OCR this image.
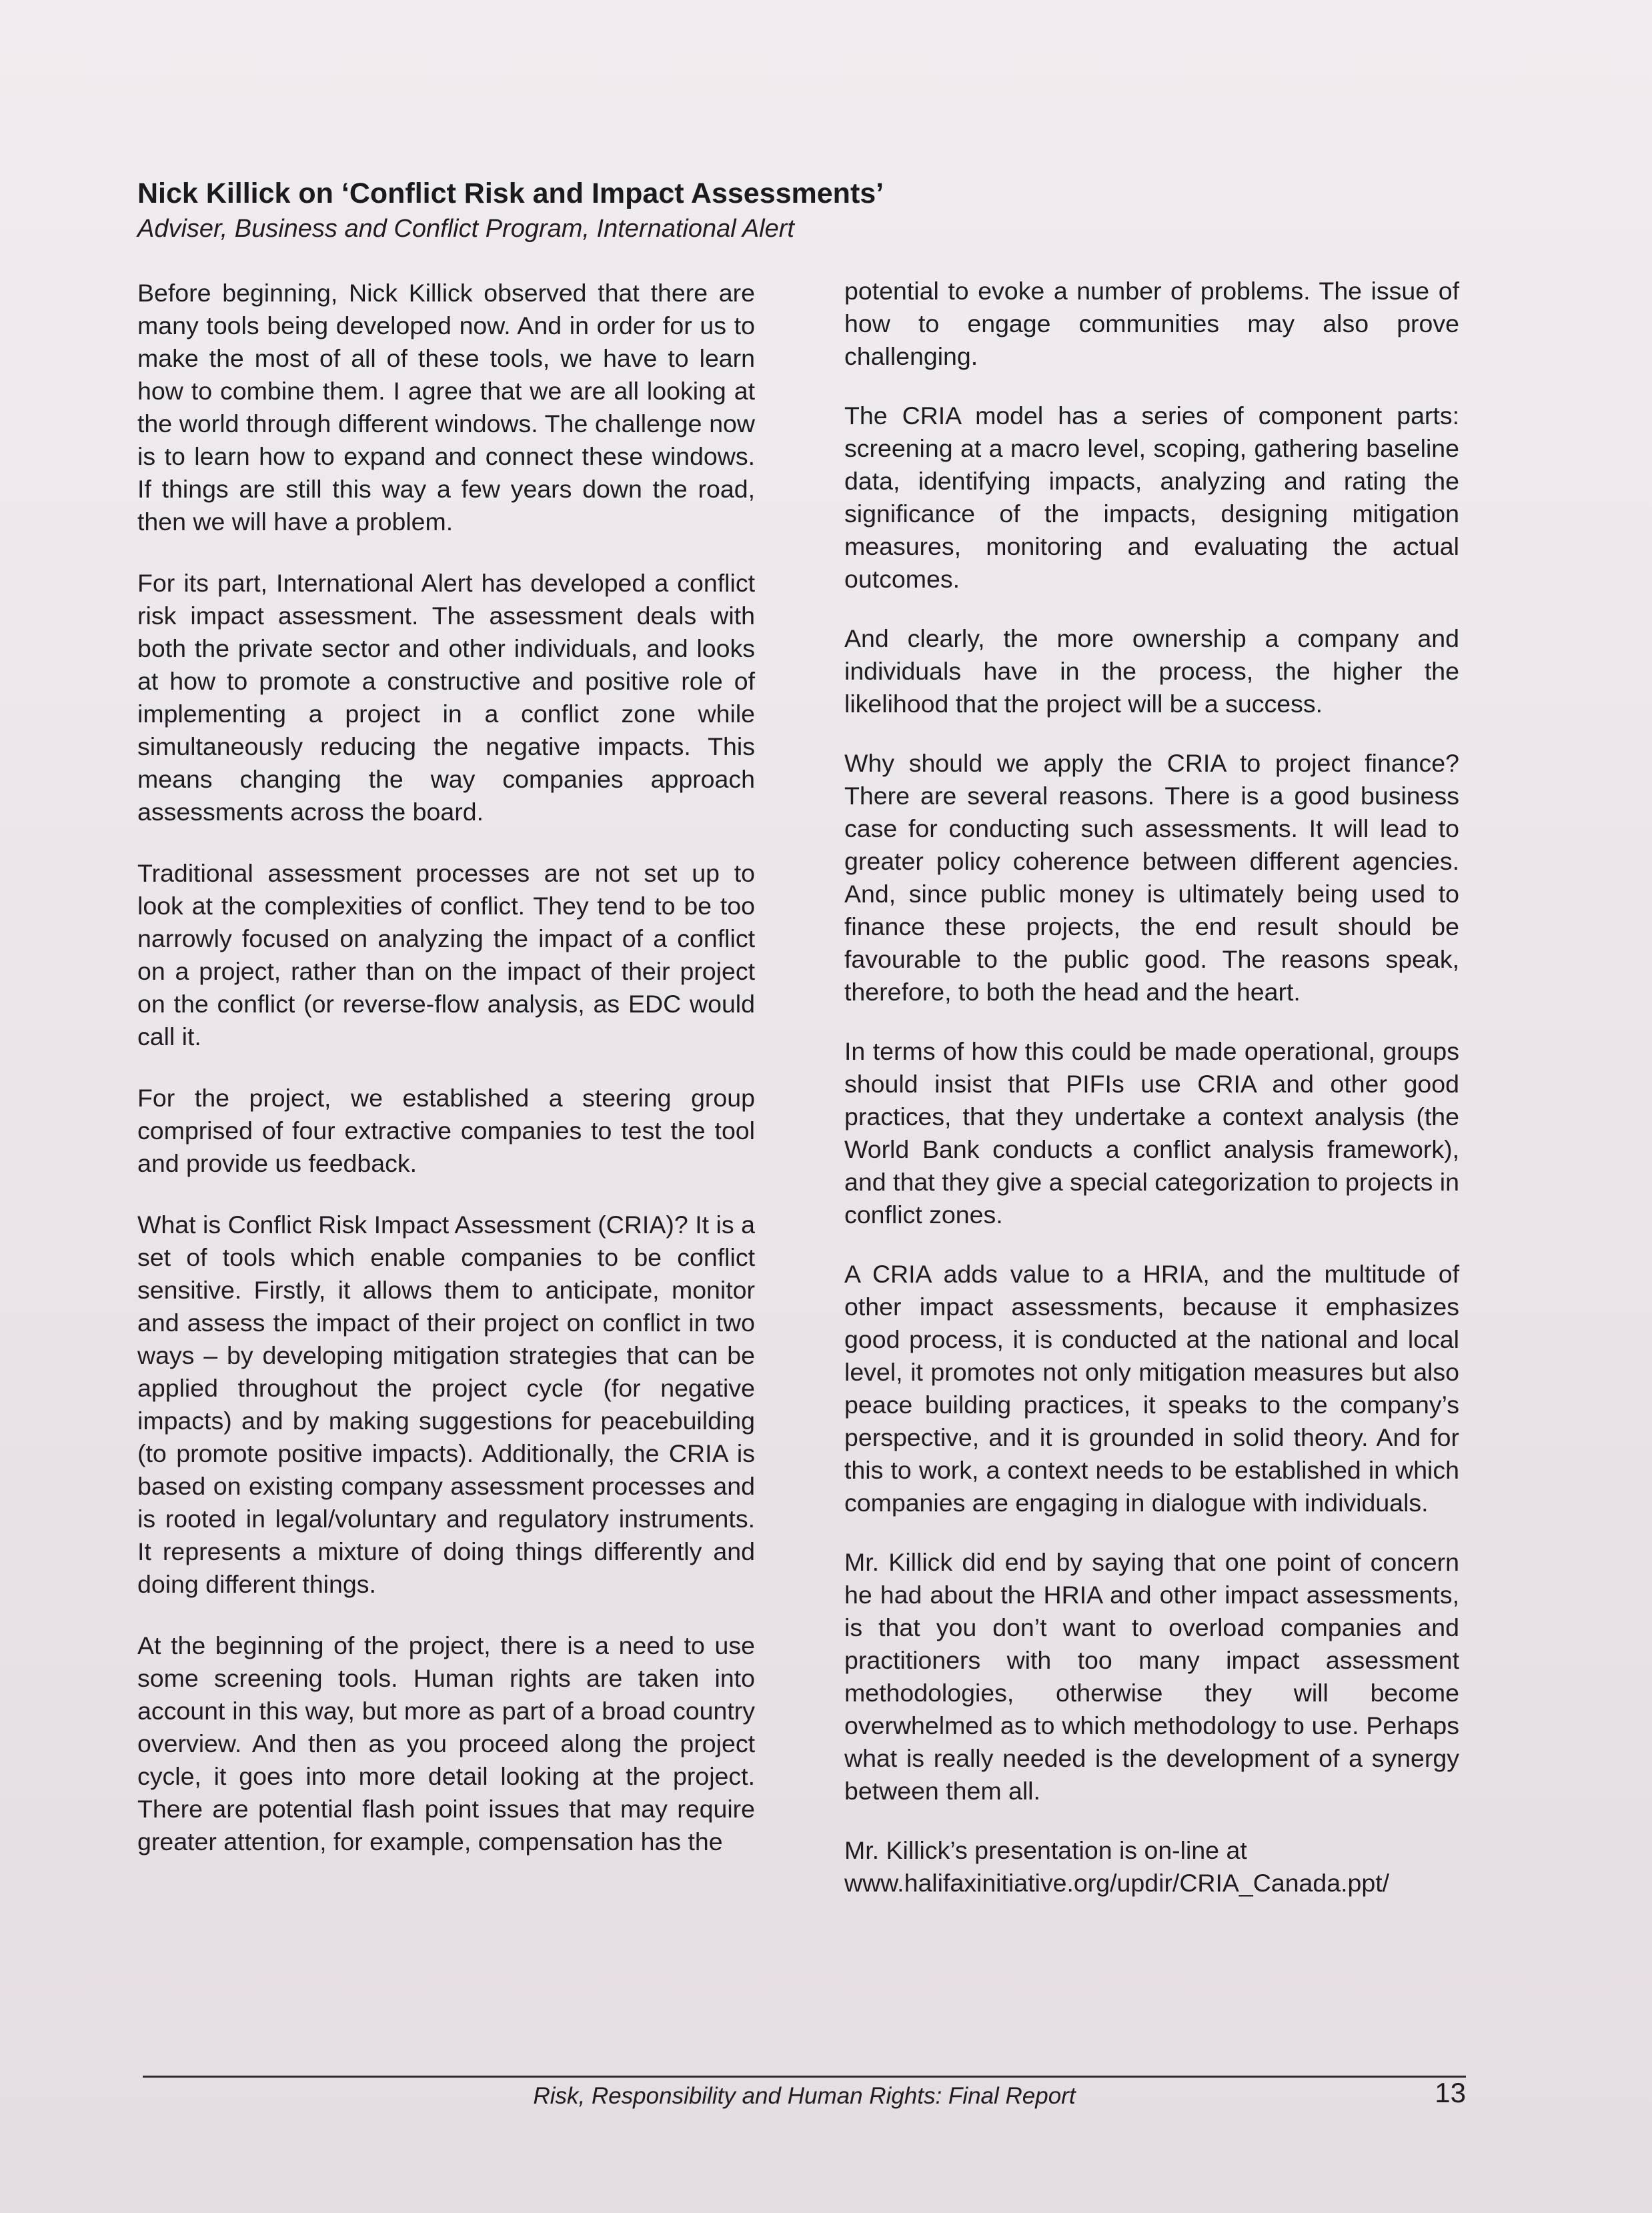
Nick Killick on ‘Conflict Risk and Impact Assessments’

Adviser, Business and Conflict Program, International Alert

Before beginning, Nick Killick observed that there are many tools being developed now. And in order for us to make the most of all of these tools, we have to learn how to combine them. I agree that we are all looking at the world through different windows. The challenge now is to learn how to expand and connect these windows. If things are still this way a few years down the road, then we will have a problem.

For its part, International Alert has developed a conflict risk impact assessment. The assessment deals with both the private sector and other individuals, and looks at how to promote a constructive and positive role of implementing a project in a conflict zone while simultaneously reducing the negative impacts. This means changing the way companies approach assessments across the board.

Traditional assessment processes are not set up to look at the complexities of conflict. They tend to be too narrowly focused on analyzing the impact of a conflict on a project, rather than on the impact of their project on the conflict (or reverse-flow analysis, as EDC would call it.

For the project, we established a steering group comprised of four extractive companies to test the tool and provide us feedback.

What is Conflict Risk Impact Assessment (CRIA)? It is a set of tools which enable companies to be conflict sensitive. Firstly, it allows them to anticipate, monitor and assess the impact of their project on conflict in two ways – by developing mitigation strategies that can be applied throughout the project cycle (for negative impacts) and by making suggestions for peacebuilding (to promote positive impacts). Additionally, the CRIA is based on existing company assessment processes and is rooted in legal/voluntary and regulatory instruments. It represents a mixture of doing things differently and doing different things.

At the beginning of the project, there is a need to use some screening tools. Human rights are taken into account in this way, but more as part of a broad country overview. And then as you proceed along the project cycle, it goes into more detail looking at the project. There are potential flash point issues that may require greater attention, for example, compensation has the

potential to evoke a number of problems. The issue of how to engage communities may also prove challenging.

The CRIA model has a series of component parts: screening at a macro level, scoping, gathering baseline data, identifying impacts, analyzing and rating the significance of the impacts, designing mitigation measures, monitoring and evaluating the actual outcomes.

And clearly, the more ownership a company and individuals have in the process, the higher the likelihood that the project will be a success.

Why should we apply the CRIA to project finance? There are several reasons. There is a good business case for conducting such assessments. It will lead to greater policy coherence between different agencies. And, since public money is ultimately being used to finance these projects, the end result should be favourable to the public good. The reasons speak, therefore, to both the head and the heart.

In terms of how this could be made operational, groups should insist that PIFIs use CRIA and other good practices, that they undertake a context analysis (the World Bank conducts a conflict analysis framework), and that they give a special categorization to projects in conflict zones.

A CRIA adds value to a HRIA, and the multitude of other impact assessments, because it emphasizes good process, it is conducted at the national and local level, it promotes not only mitigation measures but also peace building practices, it speaks to the company’s perspective, and it is grounded in solid theory. And for this to work, a context needs to be established in which companies are engaging in dialogue with individuals.

Mr. Killick did end by saying that one point of concern he had about the HRIA and other impact assessments, is that you don’t want to overload companies and practitioners with too many impact assessment methodologies, otherwise they will become overwhelmed as to which methodology to use. Perhaps what is really needed is the development of a synergy between them all.

Mr. Killick’s presentation is on-line at
www.halifaxinitiative.org/updir/CRIA_Canada.ppt/

Risk, Responsibility and Human Rights: Final Report	13
